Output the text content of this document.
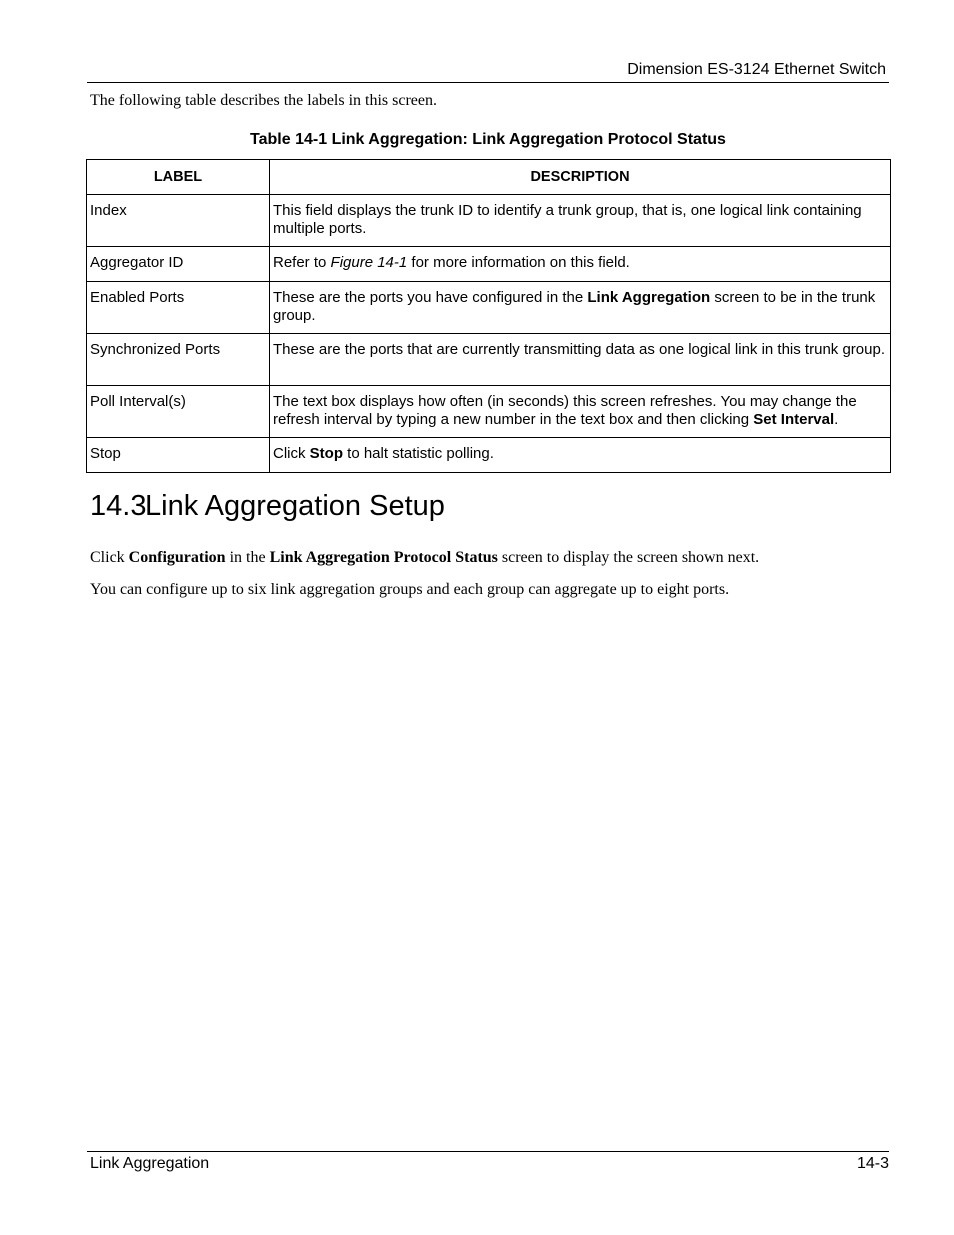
Dimension ES-3124 Ethernet Switch

The following table describes the labels in this screen.

Table 14-1 Link Aggregation: Link Aggregation Protocol Status

LABEL	DESCRIPTION
Index	This field displays the trunk ID to identify a trunk group, that is, one logical link containing multiple ports.
Aggregator ID	Refer to Figure 14-1 for more information on this field.
Enabled Ports	These are the ports you have configured in the Link Aggregation screen to be in the trunk group.
Synchronized Ports	These are the ports that are currently transmitting data as one logical link in this trunk group.
Poll Interval(s)	The text box displays how often (in seconds) this screen refreshes. You may change the refresh interval by typing a new number in the text box and then clicking Set Interval.
Stop	Click Stop to halt statistic polling.
14.3Link Aggregation Setup

Click Configuration in the Link Aggregation Protocol Status screen to display the screen shown next.

You can configure up to six link aggregation groups and each group can aggregate up to eight ports.

Link Aggregation	14-3
